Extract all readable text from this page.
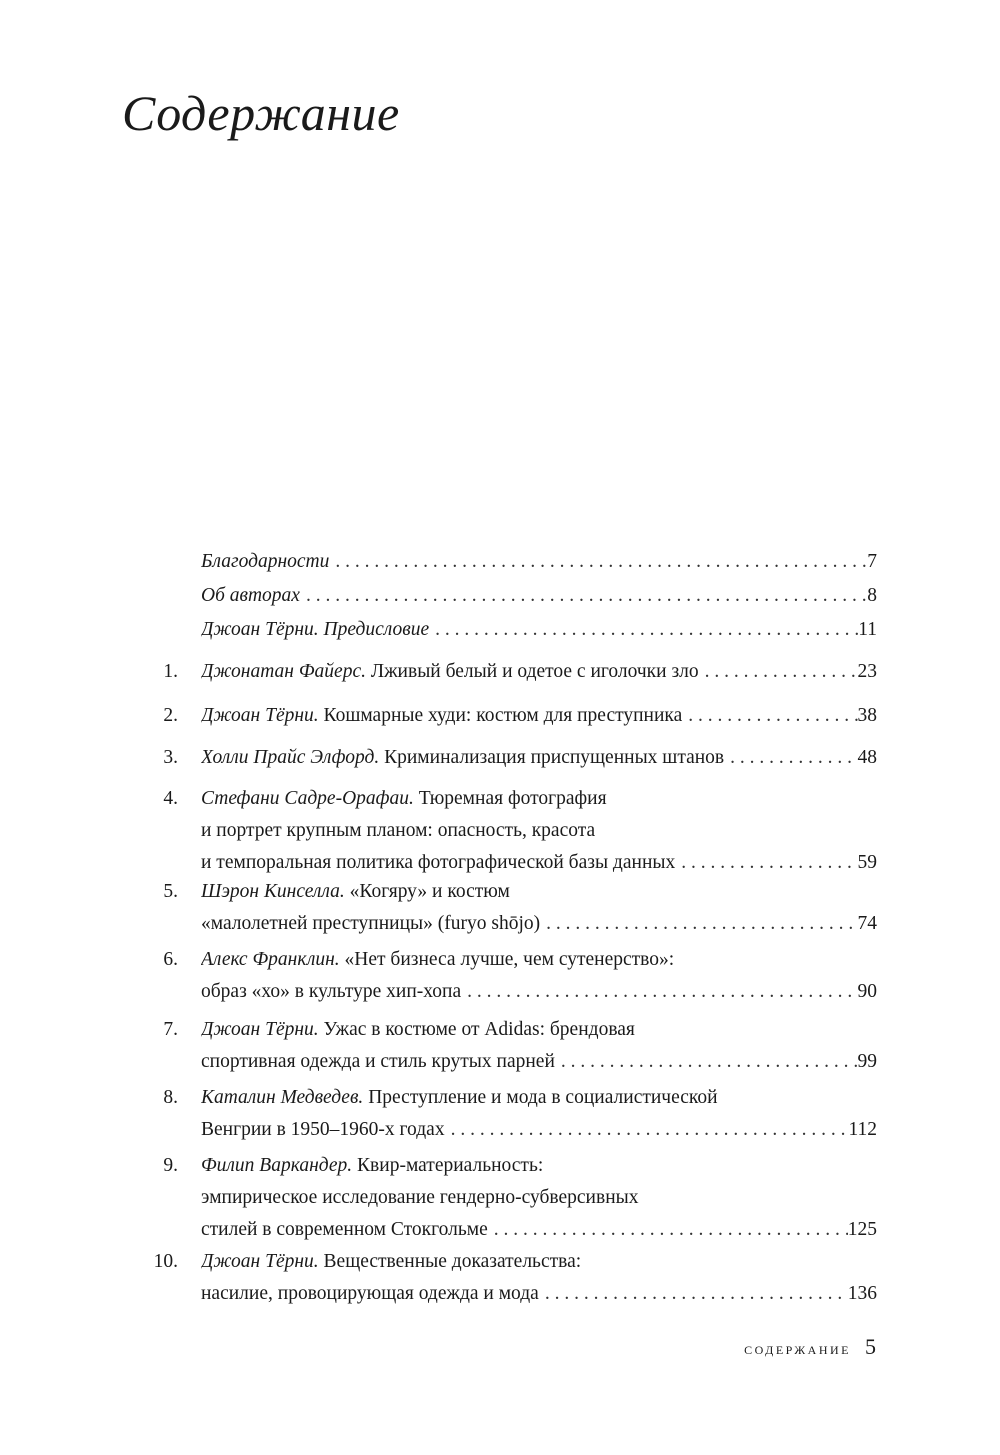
Содержание
Благодарности . . .	7
Об авторах . . .	8
Джоан Тёрни. Предисловие . . .	11
1. Джонатан Файерс. Лживый белый и одетое с иголочки зло . . .	23
2. Джоан Тёрни. Кошмарные худи: костюм для преступника . . .	38
3. Холли Прайс Элфорд. Криминализация приспущенных штанов . . .	48
4. Стефани Садре-Орафаи. Тюремная фотография
и портрет крупным планом: опасность, красота
и темпоральная политика фотографической базы данных . . .	59
5. Шэрон Кинселла. «Когяру» и костюм
«малолетней преступницы» (furyo shōjo) . . .	74
6. Алекс Франклин. «Нет бизнеса лучше, чем сутенерство»:
образ «хо» в культуре хип-хопа . . .	90
7. Джоан Тёрни. Ужас в костюме от Adidas: брендовая
спортивная одежда и стиль крутых парней . . .	99
8. Каталин Медведев. Преступление и мода в социалистической
Венгрии в 1950–1960-х годах . . .	112
9. Филип Варкандер. Квир-материальность:
эмпирическое исследование гендерно-субверсивных
стилей в современном Стокгольме . . .	125
10. Джоан Тёрни. Вещественные доказательства:
насилие, провоцирующая одежда и мода . . .	136
содержание 5
